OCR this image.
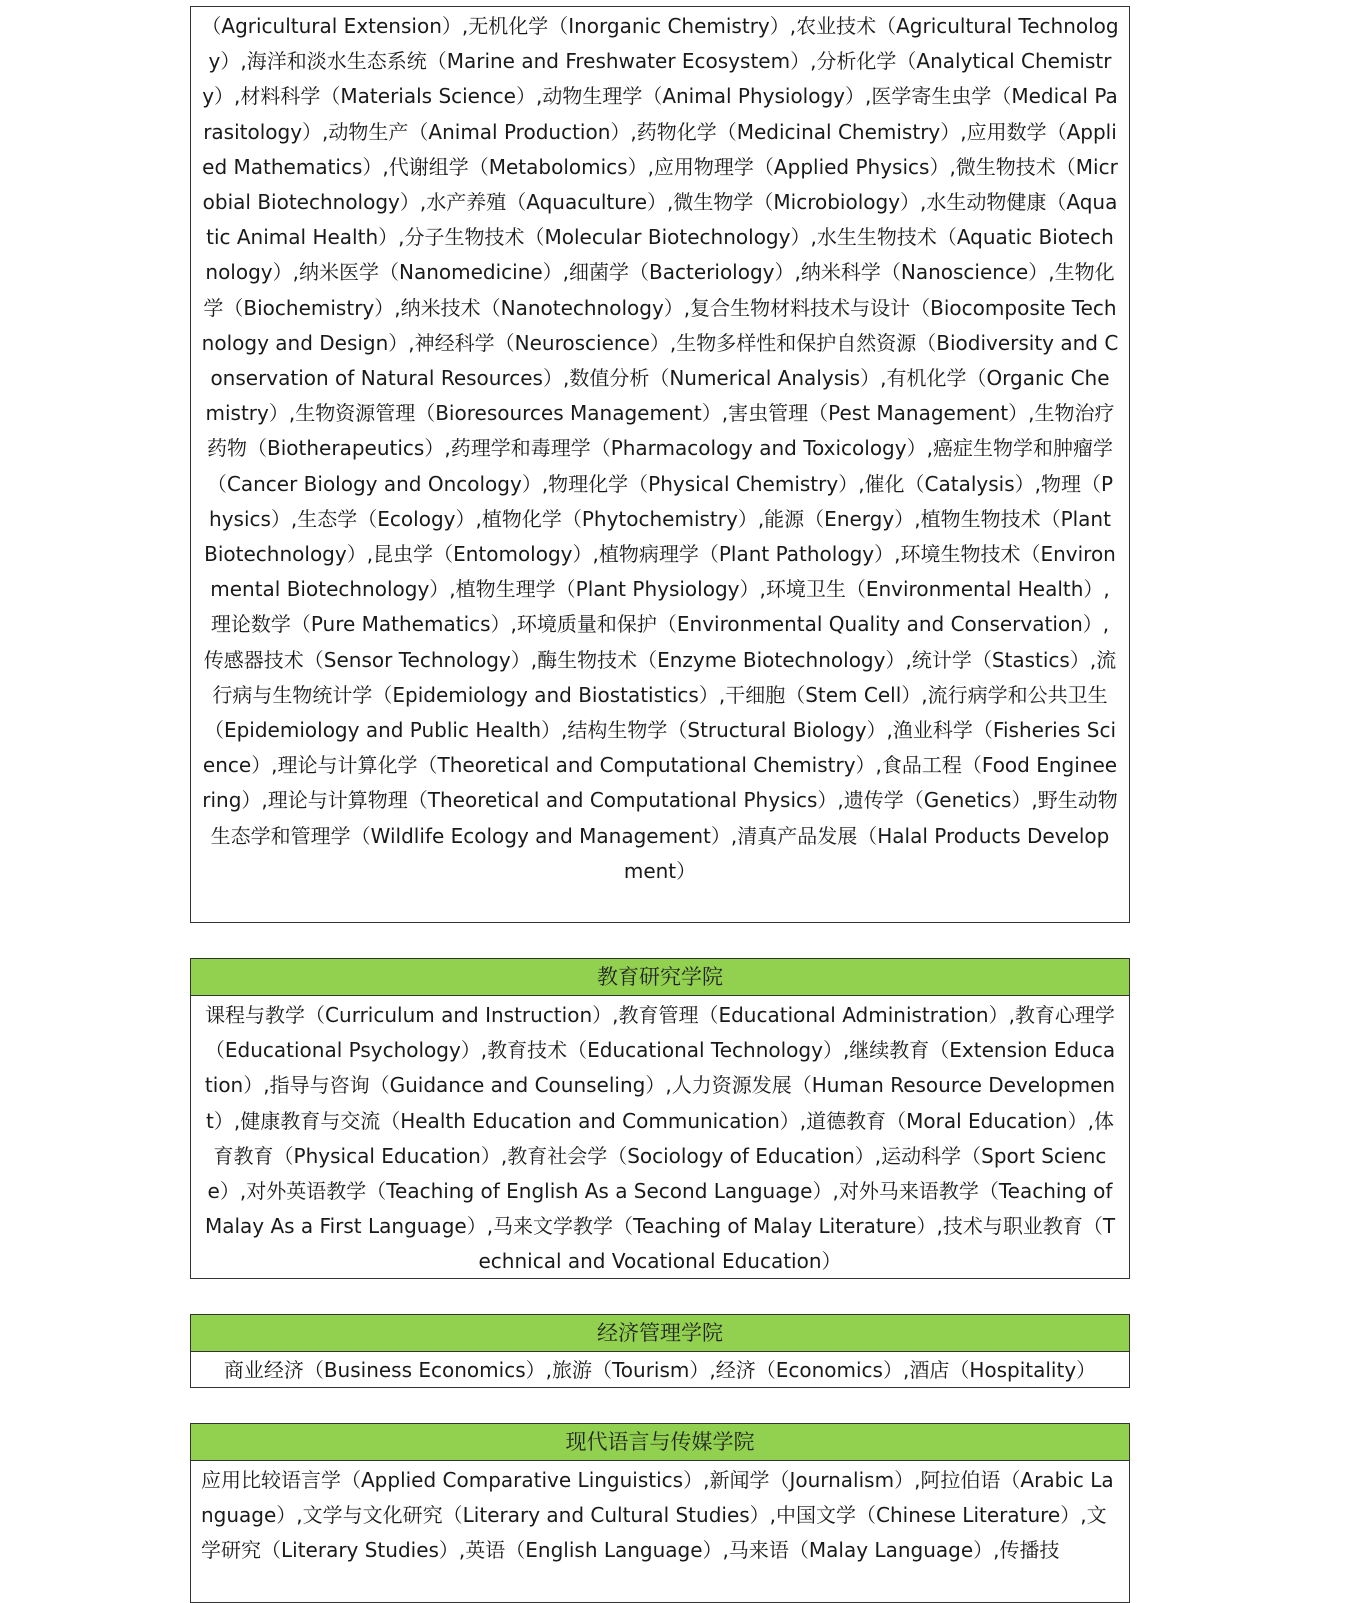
（Agricultural Extension）,无机化学（Inorganic Chemistry）,农业技术（Agricultural Technology）,海洋和淡水生态系统（Marine and Freshwater Ecosystem）,分析化学（Analytical Chemistry）,材料科学（Materials Science）,动物生理学（Animal Physiology）,医学寄生虫学（Medical Parasitology）,动物生产（Animal Production）,药物化学（Medicinal Chemistry）,应用数学（Applied Mathematics）,代谢组学（Metabolomics）,应用物理学（Applied Physics）,微生物技术（Microbial Biotechnology）,水产养殖（Aquaculture）,微生物学（Microbiology）,水生动物健康（Aquatic Animal Health）,分子生物技术（Molecular Biotechnology）,水生生物技术（Aquatic Biotechnology）,纳米医学（Nanomedicine）,细菌学（Bacteriology）,纳米科学（Nanoscience）,生物化学（Biochemistry）,纳米技术（Nanotechnology）,复合生物材料技术与设计（Biocomposite Technology and Design）,神经科学（Neuroscience）,生物多样性和保护自然资源（Biodiversity and Conservation of Natural Resources）,数值分析（Numerical Analysis）,有机化学（Organic Chemistry）,生物资源管理（Bioresources Management）,害虫管理（Pest Management）,生物治疗药物（Biotherapeutics）,药理学和毒理学（Pharmacology and Toxicology）,癌症生物学和肿瘤学（Cancer Biology and Oncology）,物理化学（Physical Chemistry）,催化（Catalysis）,物理（Physics）,生态学（Ecology）,植物化学（Phytochemistry）,能源（Energy）,植物生物技术（Plant Biotechnology）,昆虫学（Entomology）,植物病理学（Plant Pathology）,环境生物技术（Environmental Biotechnology）,植物生理学（Plant Physiology）,环境卫生（Environmental Health）,理论数学（Pure Mathematics）,环境质量和保护（Environmental Quality and Conservation）,传感器技术（Sensor Technology）,酶生物技术（Enzyme Biotechnology）,统计学（Stastics）,流行病与生物统计学（Epidemiology and Biostatistics）,干细胞（Stem Cell）,流行病学和公共卫生（Epidemiology and Public Health）,结构生物学（Structural Biology）,渔业科学（Fisheries Science）,理论与计算化学（Theoretical and Computational Chemistry）,食品工程（Food Engineering）,理论与计算物理（Theoretical and Computational Physics）,遗传学（Genetics）,野生动物生态学和管理学（Wildlife Ecology and Management）,清真产品发展（Halal Products Development）
教育研究学院
课程与教学（Curriculum and Instruction）,教育管理（Educational Administration）,教育心理学（Educational Psychology）,教育技术（Educational Technology）,继续教育（Extension Education）,指导与咨询（Guidance and Counseling）,人力资源发展（Human Resource Development）,健康教育与交流（Health Education and Communication）,道德教育（Moral Education）,体育教育（Physical Education）,教育社会学（Sociology of Education）,运动科学（Sport Science）,对外英语教学（Teaching of English As a Second Language）,对外马来语教学（Teaching of Malay As a First Language）,马来文学教学（Teaching of Malay Literature）,技术与职业教育（Technical and Vocational Education）
经济管理学院
商业经济（Business Economics）,旅游（Tourism）,经济（Economics）,酒店（Hospitality）
现代语言与传媒学院
应用比较语言学（Applied Comparative Linguistics）,新闻学（Journalism）,阿拉伯语（Arabic Language）,文学与文化研究（Literary and Cultural Studies）,中国文学（Chinese Literature）,文学研究（Literary Studies）,英语（English Language）,马来语（Malay Language）,传播技
